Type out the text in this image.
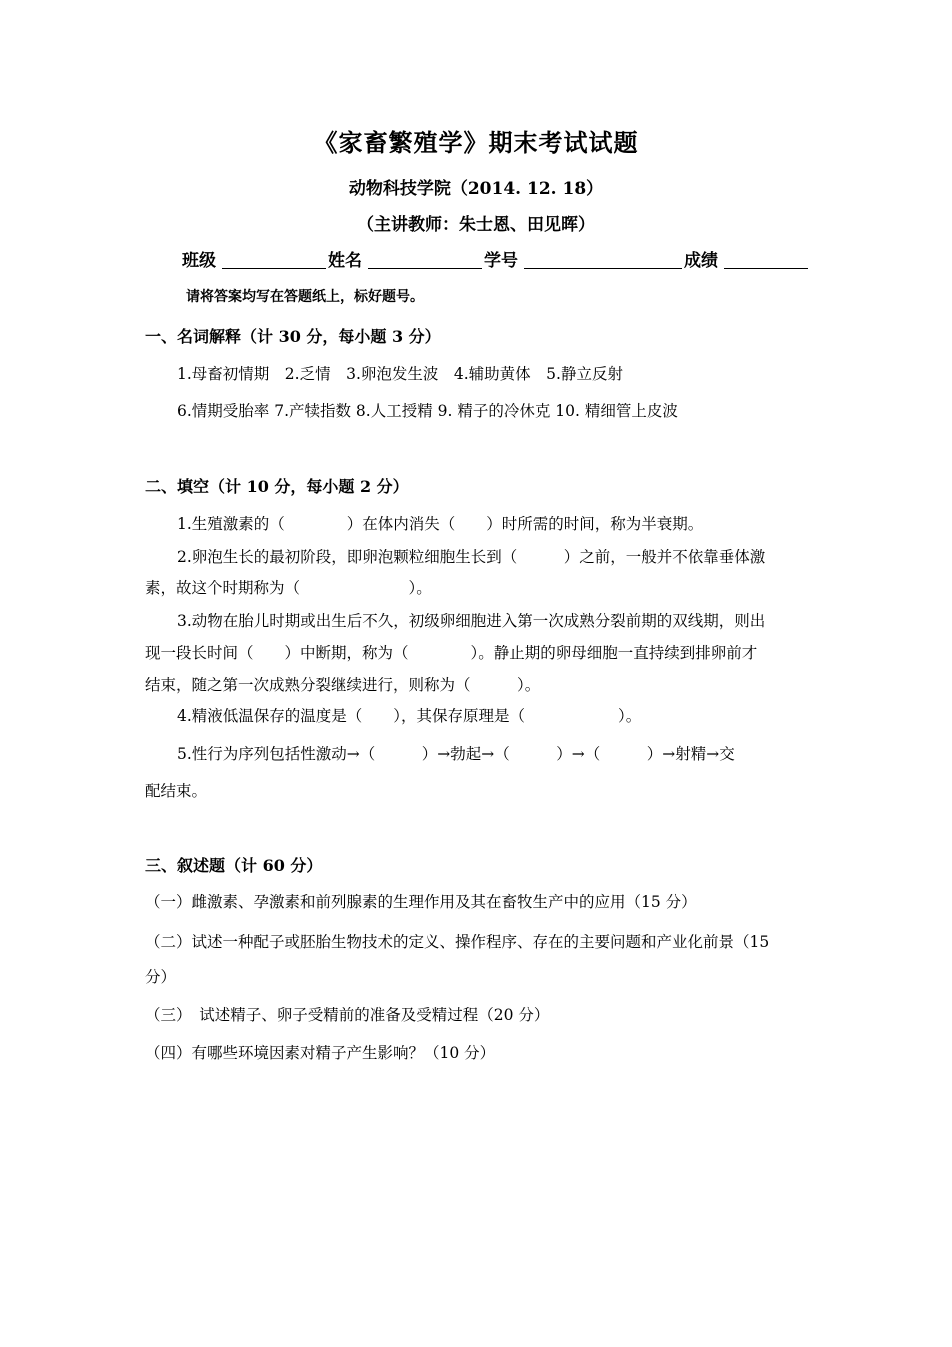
《家畜繁殖学》期末考试试题
动物科技学院（2014. 12. 18）
（主讲教师：朱士恩、田见晖）
班级	姓名	学号	成绩
请将答案均写在答题纸上，标好题号。
一、名词解释（计 30 分，每小题 3 分）
1.母畜初情期　2.乏情　3.卵泡发生波　4.辅助黄体　5.静立反射
6.情期受胎率 7.产犊指数 8.人工授精 9. 精子的冷休克 10. 精细管上皮波
二、填空（计 10 分，每小题 2 分）
1.生殖激素的（　　　　）在体内消失（　　）时所需的时间，称为半衰期。
2.卵泡生长的最初阶段，即卵泡颗粒细胞生长到（　　　）之前，一般并不依靠垂体激
素，故这个时期称为（　　　　　　　）。
3.动物在胎儿时期或出生后不久，初级卵细胞进入第一次成熟分裂前期的双线期，则出
现一段长时间（　　）中断期，称为（　　　　）。静止期的卵母细胞一直持续到排卵前才
结束，随之第一次成熟分裂继续进行，则称为（　　　）。
4.精液低温保存的温度是（　　），其保存原理是（　　　　　　）。
5.性行为序列包括性激动→（　　　）→勃起→（　　　）→（　　　）→射精→交
配结束。
三、叙述题（计 60 分）
（一）雌激素、孕激素和前列腺素的生理作用及其在畜牧生产中的应用（15 分）
（二）试述一种配子或胚胎生物技术的定义、操作程序、存在的主要问题和产业化前景（15
分）
（三）　试述精子、卵子受精前的准备及受精过程（20 分）
（四）有哪些环境因素对精子产生影响？（10 分）
